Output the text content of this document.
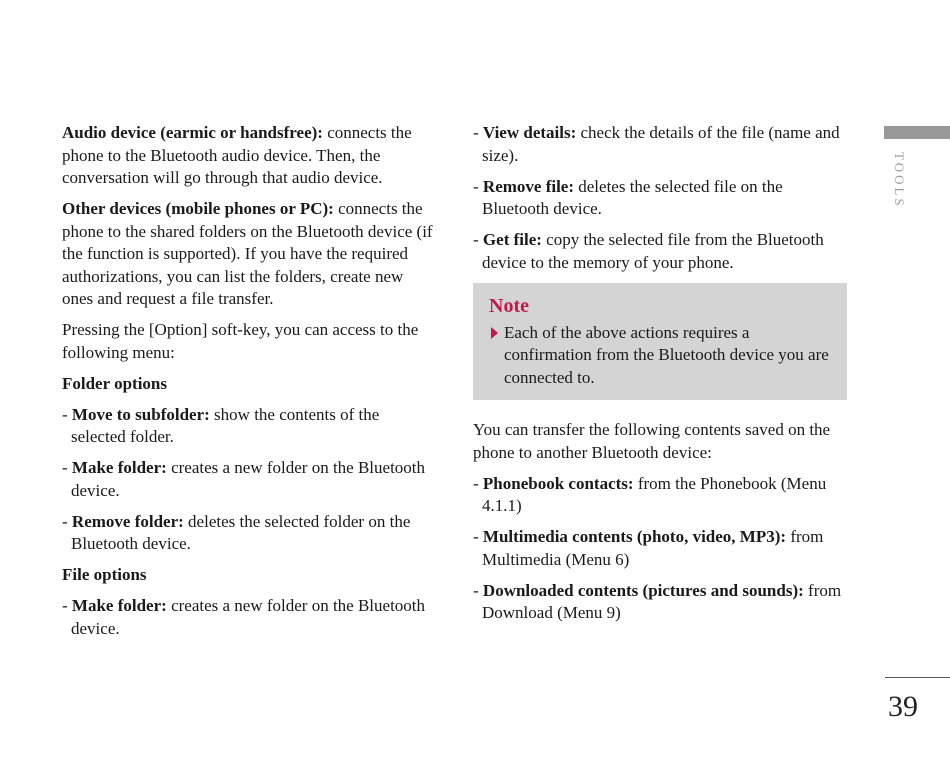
Audio device (earmic or handsfree): connects the phone to the Bluetooth audio device. Then, the conversation will go through that audio device.

Other devices (mobile phones or PC): connects the phone to the shared folders on the Bluetooth device (if the function is supported). If you have the required authorizations, you can list the folders, create new ones and request a file transfer.

Pressing the [Option] soft-key, you can access to the following menu:

Folder options

- Move to subfolder: show the contents of the selected folder.
- Make folder: creates a new folder on the Bluetooth device.
- Remove folder: deletes the selected folder on the Bluetooth device.

File options

- Make folder: creates a new folder on the Bluetooth device.
- View details: check the details of the file (name and size).
- Remove file: deletes the selected file on the Bluetooth device.
- Get file: copy the selected file from the Bluetooth device to the memory of your phone.
Note
Each of the above actions requires a confirmation from the Bluetooth device you are connected to.

You can transfer the following contents saved on the phone to another Bluetooth device:

- Phonebook contacts: from the Phonebook (Menu 4.1.1)
- Multimedia contents (photo, video, MP3): from Multimedia (Menu 6)
- Downloaded contents (pictures and sounds): from Download (Menu 9)
TOOLS
39
